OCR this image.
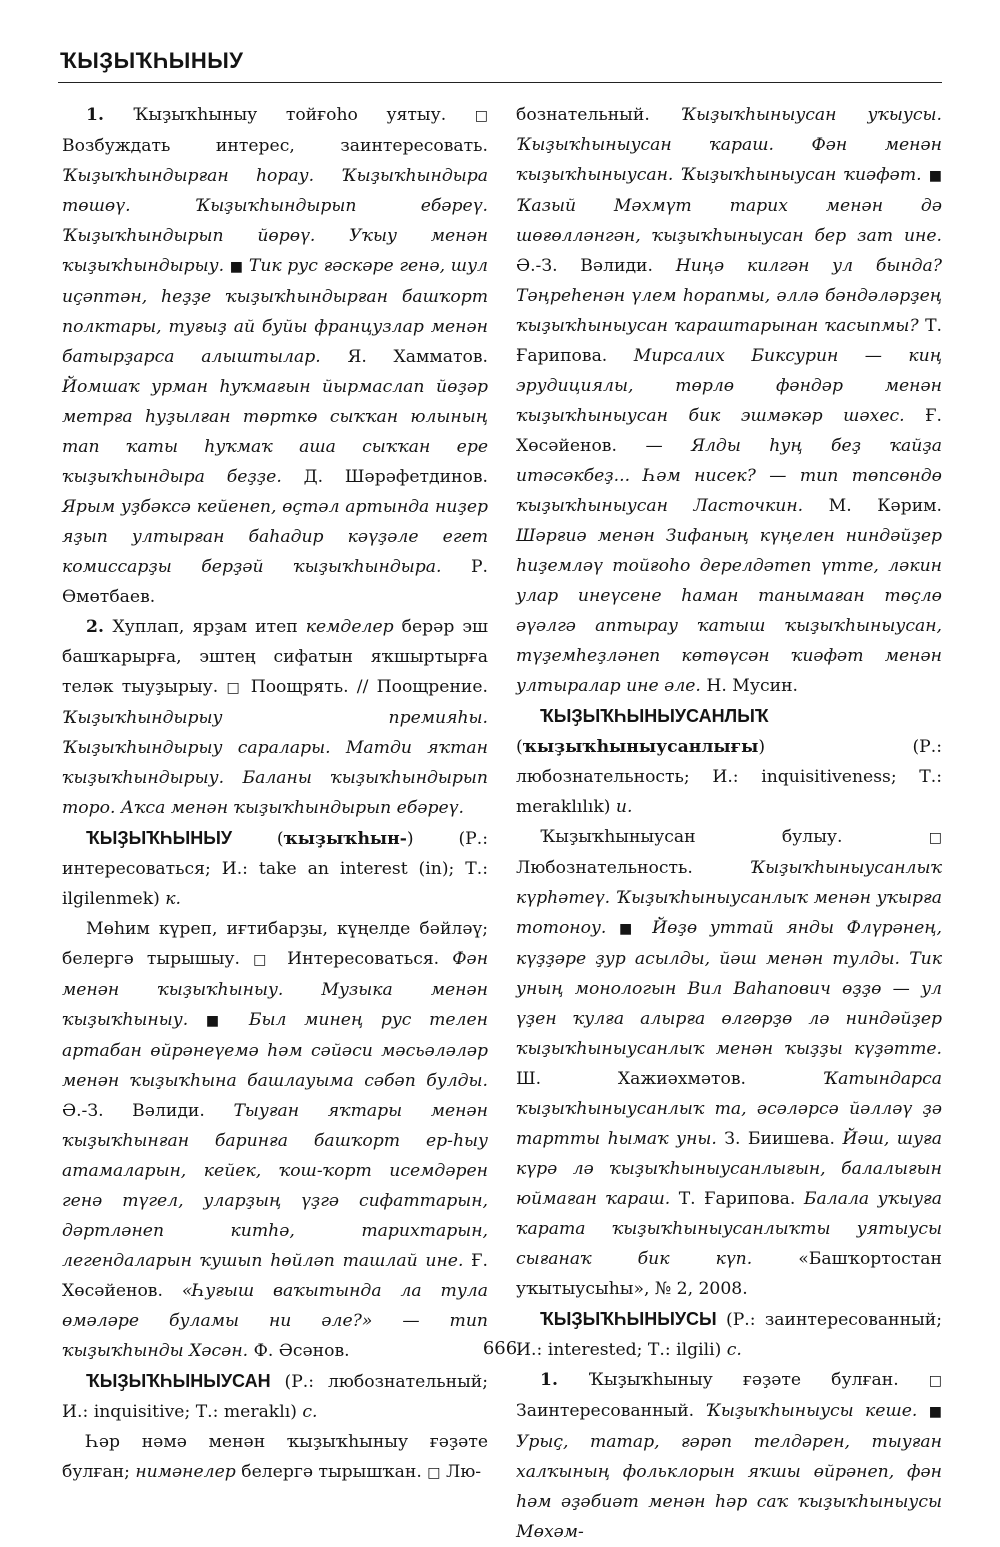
ҠЫҘЫҠҺЫНЫУ

1. Ҡыҙыҡһыныу тойғоһо уятыу. □ Возбуждать интерес, заинтересовать. Ҡыҙыҡһындырған һорау. Ҡыҙыҡһындыра төшөү. Ҡыҙыҡһындырып ебәреү. Ҡыҙыҡһындырып йөрөү. Уҡыу менән ҡыҙыҡһындырыу. ■ Тик рус ғәскәре генә, шул иҫәптән, һеҙҙе ҡыҙыҡһындырған башҡорт полктары, туғыҙ ай буйы французлар менән батырҙарса алыштылар. Я. Хамматов. Йомшаҡ урман һуҡмағын йырмаслап йөҙәр метрға һуҙылған төрткө сыҡҡан юлының тап ҡаты һуҡмаҡ аша сыҡҡан ере ҡыҙыҡһындыра беҙҙе. Д. Шәрәфетдинов. Ярым уҙбәксә кейенеп, өҫтәл артында ниҙер яҙып ултырған баһадир кәүҙәле егет комиссарҙы берҙәй ҡыҙыҡһындыра. Р. Өмөтбаев.

2. Хуплап, ярҙам итеп кемделер берәр эш башҡарырға, эштең сифатын яҡшыртырға теләк тыуҙырыу. □ Поощрять. // Поощрение. Ҡыҙыҡһындырыу премияһы. Ҡыҙыҡһындырыу саралары. Матди яҡтан ҡыҙыҡһындырыу. Баланы ҡыҙыҡһындырып торо. Аҡса менән ҡыҙыҡһындырып ебәреү.

ҠЫҘЫҠҺЫНЫУ (ҡыҙыҡһын-) (Р.: интересоваться; И.: take an interest (in); Т.: ilgilenmek) к.

Мөһим күреп, иғтибарҙы, күңелде бәйләү; белергә тырышыу. □ Интересоваться. Фән менән ҡыҙыҡһыныу. Музыка менән ҡыҙыҡһыныу. ■ Был минең рус телен артабан өйрәнеүемә һәм сәйәси мәсьәләләр менән ҡыҙыҡһына башлауыма сәбәп булды. Ә.-З. Вәлиди. Тыуған яҡтары менән ҡыҙыҡһынған баринға башҡорт ер-һыу атамаларын, кейек, ҡош-ҡорт исемдәрен генә түгел, уларҙың үҙгә сифаттарын, дәртләнеп китһә, тарихтарын, легендаларын ҡушып һөйләп ташлай ине. Ғ. Хөсәйенов. «Һуғыш ваҡытында ла тула өмәләре буламы ни әле?» — тип ҡыҙыҡһынды Хәсән. Ф. Әсәнов.

ҠЫҘЫҠҺЫНЫУСАН (Р.: любознательный; И.: inquisitive; Т.: meraklı) с.

Һәр нәмә менән ҡыҙыҡһыныу ғәҙәте булған; нимәнелер белергә тырышҡан. □ Лю-

бознательный. Ҡыҙыҡһыныусан уҡыусы. Ҡыҙыҡһыныусан ҡараш. Фән менән ҡыҙыҡһыныусан. Ҡыҙыҡһыныусан ҡиәфәт. ■ Ҡазый Мәхмүт тарих менән дә шөғөлләнгән, ҡыҙыҡһыныусан бер зат ине. Ә.-З. Вәлиди. Ниңә килгән ул бында? Тәңреһенән үлем һорапмы, әллә бәндәләрҙең ҡыҙыҡһыныусан ҡараштарынан ҡасыпмы? Т. Ғарипова. Мирсалих Биксурин — киң эрудициялы, төрлө фәндәр менән ҡыҙыҡһыныусан бик эшмәкәр шәхес. Ғ. Хөсәйенов. — Ялды һуң беҙ ҡайҙа итәсәкбеҙ... Һәм нисек? — тип төпсөндө ҡыҙыҡһыныусан Ласточкин. М. Кәрим. Шәрғиә менән Зифаның күңелен ниндәйҙер һиҙемләү тойғоһо дерелдәтеп үтте, ләкин улар инеүсене һаман танымаған төҫлө әүәлгә аптырау ҡатыш ҡыҙыҡһыныусан, түҙемһеҙләнеп көтөүсән ҡиәфәт менән ултыралар ине әле. Н. Мусин.

ҠЫҘЫҠҺЫНЫУСАНЛЫҠ (ҡыҙыҡһыныусанлығы) (Р.: любознательность; И.: inquisitiveness; Т.: meraklılık) и.

Ҡыҙыҡһыныусан булыу. □ Любознательность. Ҡыҙыҡһыныусанлыҡ күрһәтеү. Ҡыҙыҡһыныусанлыҡ менән уҡырға тотоноу. ■ Йөҙө уттай янды Флүрәнең, күҙҙәре ҙур асылды, йәш менән тулды. Тик уның монологын Вил Ваһапович өҙҙө — ул үҙен ҡулға алырға өлгөрҙө лә ниндәйҙер ҡыҙыҡһыныусанлыҡ менән ҡыҙҙы күҙәтте. Ш. Хажиәхмәтов. Ҡатындарса ҡыҙыҡһыныусанлыҡ та, әсәләрсә йәлләү ҙә тартты һымаҡ уны. З. Биишева. Йәш, шуға күрә лә ҡыҙыҡһыныусанлығын, балалығын юймаған ҡараш. Т. Ғарипова. Балала уҡыуға ҡарата ҡыҙыҡһыныусанлыҡты уятыусы сығанаҡ бик күп. «Башҡортостан уҡытыусыһы», № 2, 2008.

ҠЫҘЫҠҺЫНЫУСЫ (Р.: заинтересованный; И.: interested; Т.: ilgili) с.

1. Ҡыҙыҡһыныу ғәҙәте булған. □ Заинтересованный. Ҡыҙыҡһыныусы кеше. ■ Урыҫ, татар, ғәрәп телдәрен, тыуған халҡының фольклорын яҡшы өйрәнеп, фән һәм әҙәбиәт менән һәр саҡ ҡыҙыҡһыныусы Мөхәм-

666
